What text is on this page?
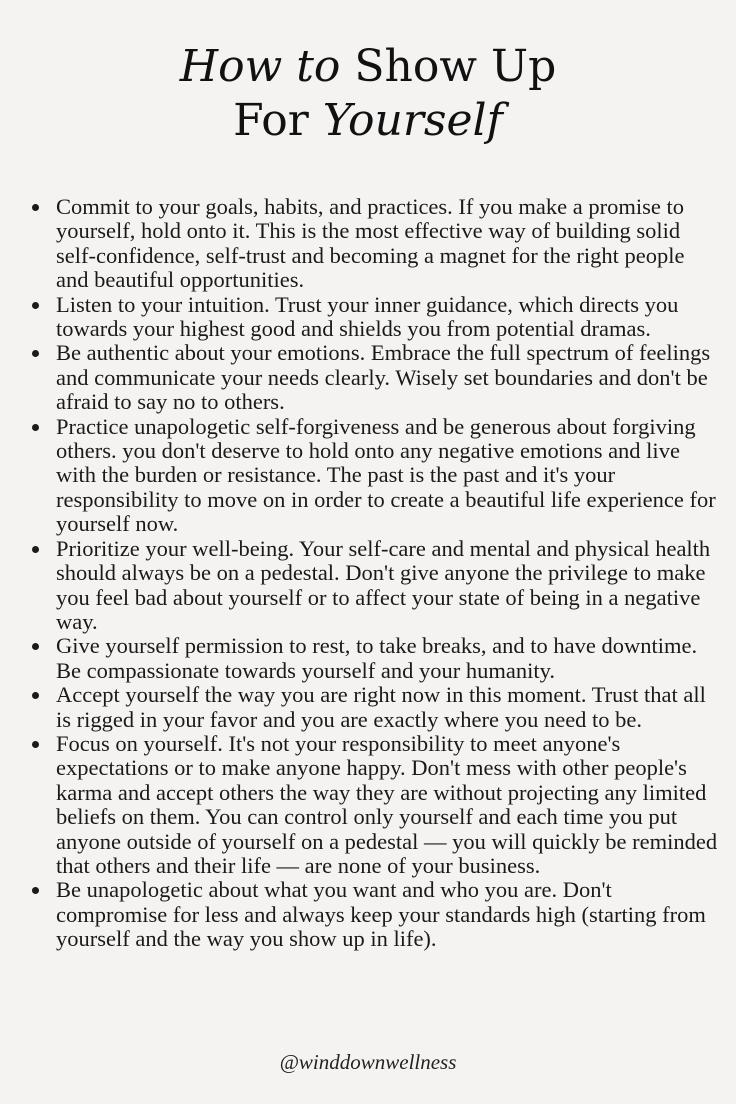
How to Show Up
For Yourself
Commit to your goals, habits, and practices. If you make a promise to yourself, hold onto it. This is the most effective way of building solid self-confidence, self-trust and becoming a magnet for the right people and beautiful opportunities.
Listen to your intuition. Trust your inner guidance, which directs you towards your highest good and shields you from potential dramas.
Be authentic about your emotions. Embrace the full spectrum of feelings and communicate your needs clearly. Wisely set boundaries and don't be afraid to say no to others.
Practice unapologetic self-forgiveness and be generous about forgiving others. you don't deserve to hold onto any negative emotions and live with the burden or resistance. The past is the past and it's your responsibility to move on in order to create a beautiful life experience for yourself now.
Prioritize your well-being. Your self-care and mental and physical health should always be on a pedestal. Don't give anyone the privilege to make you feel bad about yourself or to affect your state of being in a negative way.
Give yourself permission to rest, to take breaks, and to have downtime. Be compassionate towards yourself and your humanity.
Accept yourself the way you are right now in this moment. Trust that all is rigged in your favor and you are exactly where you need to be.
Focus on yourself. It's not your responsibility to meet anyone's expectations or to make anyone happy. Don't mess with other people's karma and accept others the way they are without projecting any limited beliefs on them. You can control only yourself and each time you put anyone outside of yourself on a pedestal — you will quickly be reminded that others and their life — are none of your business.
Be unapologetic about what you want and who you are. Don't compromise for less and always keep your standards high (starting from yourself and the way you show up in life).
@winddownwellness
